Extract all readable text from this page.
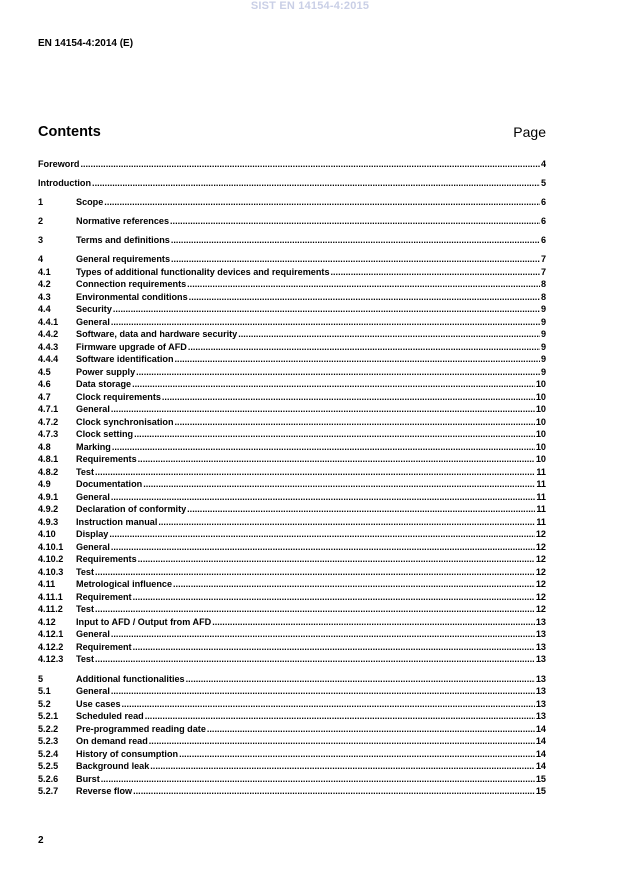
SIST EN 14154-4:2015
EN 14154-4:2014 (E)
Contents	Page
Foreword .....	4
Introduction .....	5
1	Scope .....	6
2	Normative references .....	6
3	Terms and definitions .....	6
4	General requirements .....	7
4.1	Types of additional functionality devices and requirements .....	7
4.2	Connection requirements .....	8
4.3	Environmental conditions .....	8
4.4	Security .....	9
4.4.1	General .....	9
4.4.2	Software, data and hardware security .....	9
4.4.3	Firmware upgrade of AFD .....	9
4.4.4	Software identification .....	9
4.5	Power supply .....	9
4.6	Data storage .....	10
4.7	Clock requirements .....	10
4.7.1	General .....	10
4.7.2	Clock synchronisation .....	10
4.7.3	Clock setting .....	10
4.8	Marking .....	10
4.8.1	Requirements .....	10
4.8.2	Test .....	11
4.9	Documentation .....	11
4.9.1	General .....	11
4.9.2	Declaration of conformity .....	11
4.9.3	Instruction manual .....	11
4.10	Display .....	12
4.10.1	General .....	12
4.10.2	Requirements .....	12
4.10.3	Test .....	12
4.11	Metrological influence .....	12
4.11.1	Requirement .....	12
4.11.2	Test .....	12
4.12	Input to AFD / Output from AFD .....	13
4.12.1	General .....	13
4.12.2	Requirement .....	13
4.12.3	Test .....	13
5	Additional functionalities .....	13
5.1	General .....	13
5.2	Use cases .....	13
5.2.1	Scheduled read .....	13
5.2.2	Pre-programmed reading date .....	14
5.2.3	On demand read .....	14
5.2.4	History of consumption .....	14
5.2.5	Background leak .....	14
5.2.6	Burst .....	15
5.2.7	Reverse flow .....	15
2
